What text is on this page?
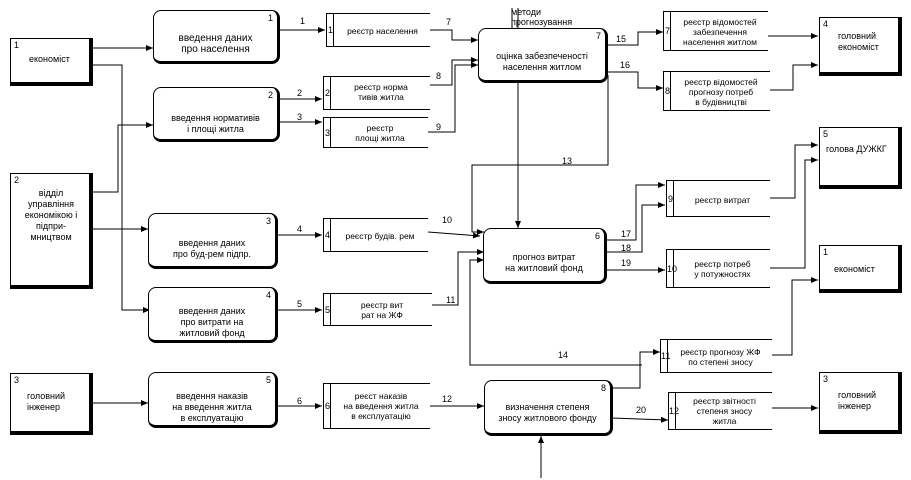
1
економіст
2
відділ
управління
економікою і
підпри-
мництвом
3
головний
інженер
4
головний
економіст
5
голова ДУЖКГ
1
економіст
3
головний
інженер
1
введення даних
про населення
2
введення нормативів
і площі житла
3
введення даних
про буд-рем підпр.
4
введення даних
про витрати на
житловий фонд
5
введення наказів
на введення житла
в експлуатацію
7
оцінка забезпеченості
населення житлом
6
прогноз витрат
на житловий фонд
8
визначення степеня
зносу житлового фонду
1	реєстр населення
2
реєстр норма
тивів житла
3	реєстр
площі житла
4	реєстр будів. рем
5	реєстр вит
рат на ЖФ
6
реєст наказів
на введення житла
в експлуатацію
7
реєстр відомостей
забезпечення
населення житлом
8
реєстр відомостей
прогнозу потреб
в будівництві
9	реєстр витрат
10	реєстр потреб
у потужностях
11	реєстр прогнозу ЖФ
по степені зносу
12
реєстр звітності
степеня зносу
житла
1
2
3
4
5
6
7
8
9
10
11
12
13
14
15
16
17
18
19
20
методи
прогнозування
